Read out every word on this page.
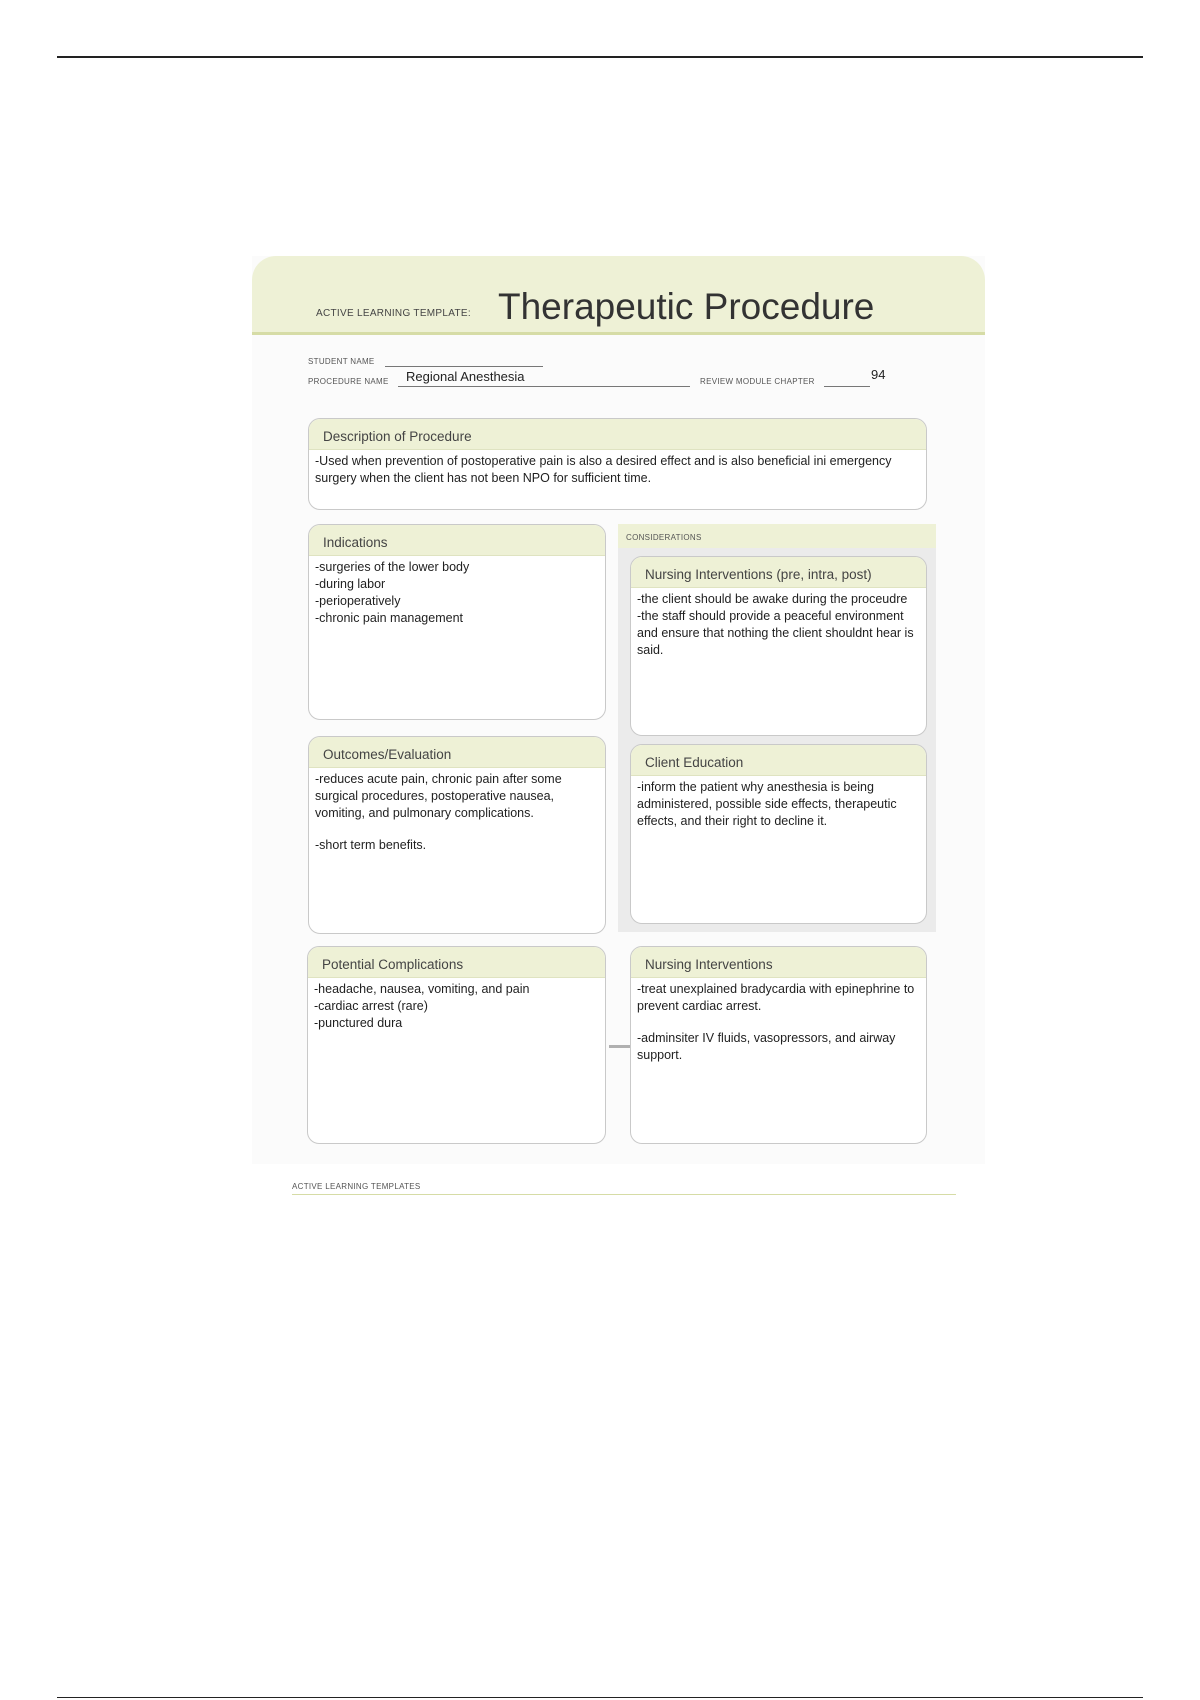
ACTIVE LEARNING TEMPLATE: Therapeutic Procedure
STUDENT NAME
PROCEDURE NAME Regional Anesthesia	REVIEW MODULE CHAPTER	94
Description of Procedure
-Used when prevention of postoperative pain is also a desired effect and is also beneficial ini emergency surgery when the client has not been NPO for sufficient time.
Indications
-surgeries of the lower body
-during labor
-perioperatively
-chronic pain management
CONSIDERATIONS
Nursing Interventions (pre, intra, post)
-the client should be awake during the proceudre
-the staff should provide a peaceful environment and ensure that nothing the client shouldnt hear is said.
Client Education
-inform the patient why anesthesia is being administered, possible side effects, therapeutic effects, and their right to decline it.
Outcomes/Evaluation
-reduces acute pain, chronic pain after some surgical procedures, postoperative nausea, vomiting, and pulmonary complications.
-short term benefits.
Potential Complications
-headache, nausea, vomiting, and pain
-cardiac arrest (rare)
-punctured dura
Nursing Interventions
-treat unexplained bradycardia with epinephrine to prevent cardiac arrest.
-adminsiter IV fluids, vasopressors, and airway support.
ACTIVE LEARNING TEMPLATES
